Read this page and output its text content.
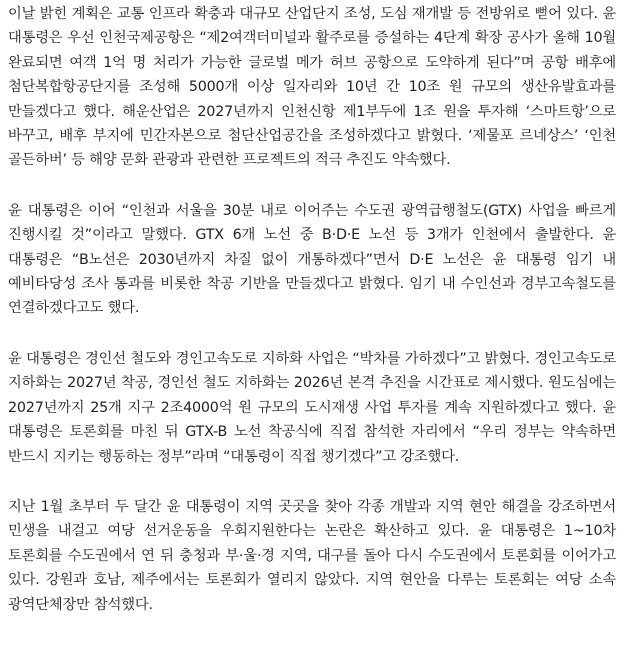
이날 밝힌 계획은 교통 인프라 확충과 대규모 산업단지 조성, 도심 재개발 등 전방위로 뻗어 있다. 윤 대통령은 우선 인천국제공항은 “제2여객터미널과 활주로를 증설하는 4단계 확장 공사가 올해 10월 완료되면 여객 1억 명 처리가 가능한 글로벌 메가 허브 공항으로 도약하게 된다”며 공항 배후에 첨단복합항공단지를 조성해 5000개 이상 일자리와 10년 간 10조 원 규모의 생산유발효과를 만들겠다고 했다. 해운산업은 2027년까지 인천신항 제1부두에 1조 원을 투자해 ‘스마트항’으로 바꾸고, 배후 부지에 민간자본으로 첨단산업공간을 조성하겠다고 밝혔다. ‘제물포 르네상스’ ‘인천 골든하버’ 등 해양 문화 관광과 관련한 프로젝트의 적극 추진도 약속했다.

윤 대통령은 이어 “인천과 서울을 30분 내로 이어주는 수도권 광역급행철도(GTX) 사업을 빠르게 진행시킬 것”이라고 말했다. GTX 6개 노선 중 B·D·E 노선 등 3개가 인천에서 출발한다. 윤 대통령은 “B노선은 2030년까지 차질 없이 개통하겠다”면서 D·E 노선은 윤 대통령 임기 내 예비타당성 조사 통과를 비롯한 착공 기반을 만들겠다고 밝혔다. 임기 내 수인선과 경부고속철도를 연결하겠다고도 했다.

윤 대통령은 경인선 철도와 경인고속도로 지하화 사업은 “박차를 가하겠다”고 밝혔다. 경인고속도로 지하화는 2027년 착공, 경인선 철도 지하화는 2026년 본격 추진을 시간표로 제시했다. 원도심에는 2027년까지 25개 지구 2조4000억 원 규모의 도시재생 사업 투자를 계속 지원하겠다고 했다. 윤 대통령은 토론회를 마친 뒤 GTX-B 노선 착공식에 직접 참석한 자리에서 “우리 정부는 약속하면 반드시 지키는 행동하는 정부”라며 “대통령이 직접 챙기겠다”고 강조했다.

지난 1월 초부터 두 달간 윤 대통령이 지역 곳곳을 찾아 각종 개발과 지역 현안 해결을 강조하면서 민생을 내걸고 여당 선거운동을 우회지원한다는 논란은 확산하고 있다. 윤 대통령은 1~10차 토론회를 수도권에서 연 뒤 충청과 부·울·경 지역, 대구를 돌아 다시 수도권에서 토론회를 이어가고 있다. 강원과 호남, 제주에서는 토론회가 열리지 않았다. 지역 현안을 다루는 토론회는 여당 소속 광역단체장만 참석했다.
